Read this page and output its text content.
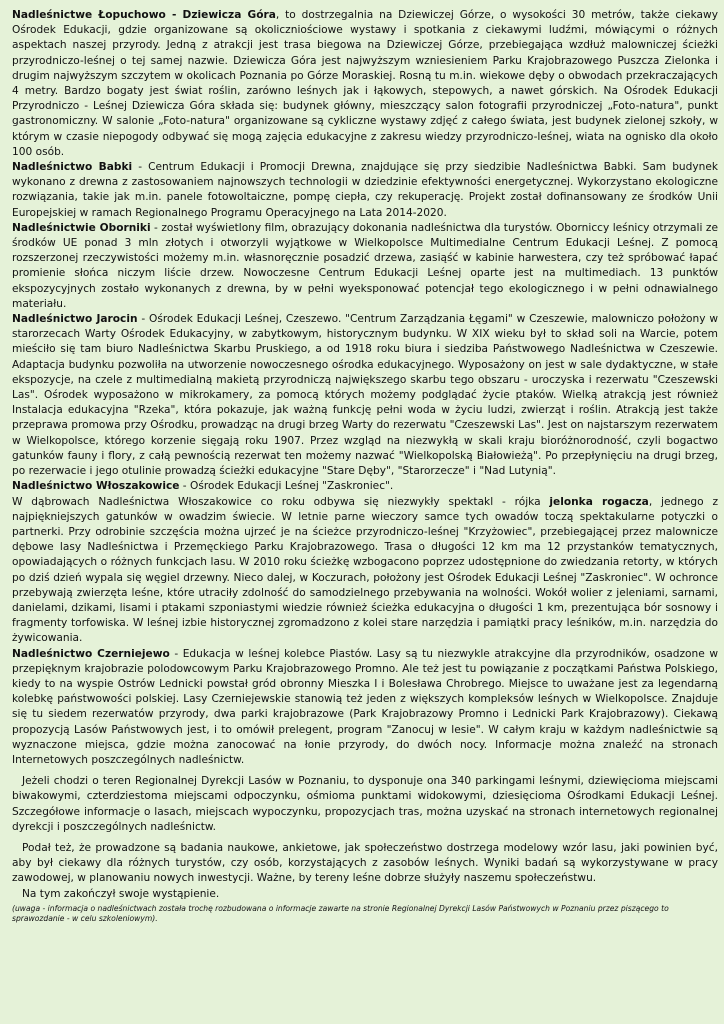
Nadleśnictwe Łopuchowo - Dziewicza Góra, to dostrzegalnia na Dziewiczej Górze, o wysokości 30 metrów, także ciekawy Ośrodek Edukacji, gdzie organizowane są okoliczniościowe wystawy i spotkania z ciekawymi ludźmi, mówiącymi o różnych aspektach naszej przyrody. Jedną z atrakcji jest trasa biegowa na Dziewiczej Górze, przebiegająca wzdłuż malowniczej ścieżki przyrodniczo-leśnej o tej samej nazwie. Dziewicza Góra jest najwyższym wzniesieniem Parku Krajobrazowego Puszcza Zielonka i drugim najwyższym szczytem w okolicach Poznania po Górze Moraskiej. Rosną tu m.in. wiekowe dęby o obwodach przekraczających 4 metry. Bardzo bogaty jest świat roślin, zarówno leśnych jak i łąkowych, stepowych, a nawet górskich. Na Ośrodek Edukacji Przyrodniczo - Leśnej Dziewicza Góra składa się: budynek główny, mieszczący salon fotografii przyrodniczej „Foto-natura", punkt gastronomiczny. W salonie „Foto-natura" organizowane są cykliczne wystawy zdjęć z całego świata, jest budynek zielonej szkoły, w którym w czasie niepogody odbywać się mogą zajęcia edukacyjne z zakresu wiedzy przyrodniczo-leśnej, wiata na ognisko dla około 100 osób.

Nadleśnictwo Babki - Centrum Edukacji i Promocji Drewna, znajdujące się przy siedzibie Nadleśnictwa Babki. Sam budynek wykonano z drewna z zastosowaniem najnowszych technologii w dziedzinie efektywności energetycznej. Wykorzystano ekologiczne rozwiązania, takie jak m.in. panele fotowoltaiczne, pompę ciepła, czy rekuperację. Projekt został dofinansowany ze środków Unii Europejskiej w ramach Regionalnego Programu Operacyjnego na Lata 2014-2020.

Nadleśnictwie Oborniki - został wyświetlony film, obrazujący dokonania nadleśnictwa dla turystów. Oborniccy leśnicy otrzymali ze środków UE ponad 3 mln złotych i otworzyli wyjątkowe w Wielkopolsce Multimedialne Centrum Edukacji Leśnej. Z pomocą rozszerzonej rzeczywistości możemy m.in. własnoręcznie posadzić drzewa, zasiąść w kabinie harwestera, czy też spróbować łapać promienie słońca niczym liście drzew. Nowoczesne Centrum Edukacji Leśnej oparte jest na multimediach. 13 punktów ekspozycyjnych zostało wykonanych z drewna, by w pełni wyeksponować potencjał tego ekologicznego i w pełni odnawialnego materiału.

Nadleśnictwo Jarocin - Ośrodek Edukacji Leśnej, Czeszewo. "Centrum Zarządzania Łęgami" w Czeszewie, malowniczo położony w starorzecach Warty Ośrodek Edukacyjny, w zabytkowym, historycznym budynku. W XIX wieku był to skład soli na Warcie, potem mieściło się tam biuro Nadleśnictwa Skarbu Pruskiego, a od 1918 roku biura i siedziba Państwowego Nadleśnictwa w Czeszewie. Adaptacja budynku pozwoliła na utworzenie nowoczesnego ośrodka edukacyjnego. Wyposażony on jest w sale dydaktyczne, w stałe ekspozycje, na czele z multimedialną makietą przyrodniczą największego skarbu tego obszaru - uroczyska i rezerwatu "Czeszewski Las". Ośrodek wyposażono w mikrokamery, za pomocą których możemy podglądać życie ptaków. Wielką atrakcją jest również Instalacja edukacyjna "Rzeka", która pokazuje, jak ważną funkcję pełni woda w życiu ludzi, zwierząt i roślin. Atrakcją jest także przeprawa promowa przy Ośrodku, prowadząc na drugi brzeg Warty do rezerwatu "Czeszewski Las". Jest on najstarszym rezerwatem w Wielkopolsce, którego korzenie sięgają roku 1907. Przez wzgląd na niezwykłą w skali kraju bioróżnorodność, czyli bogactwo gatunków fauny i flory, z całą pewnością rezerwat ten możemy nazwać "Wielkopolską Białowieżą". Po przepłynięciu na drugi brzeg, po rezerwacie i jego otulinie prowadzą ścieżki edukacyjne "Stare Dęby", "Starorzecze" i "Nad Lutynią".

Nadleśnictwo Włoszakowice - Ośrodek Edukacji Leśnej "Zaskroniec".

W dąbrowach Nadleśnictwa Włoszakowice co roku odbywa się niezwykły spektakl - rójka jelonka rogacza, jednego z najpiękniejszych gatunków w owadzim świecie. W letnie parne wieczory samce tych owadów toczą spektakularne potyczki o partnerki. Przy odrobinie szczęścia można ujrzeć je na ścieżce przyrodniczo-leśnej "Krzyżowiec", przebiegającej przez malownicze dębowe lasy Nadleśnictwa i Przemęckiego Parku Krajobrazowego. Trasa o długości 12 km ma 12 przystanków tematycznych, opowiadających o różnych funkcjach lasu. W 2010 roku ścieżkę wzbogacono poprzez udostępnione do zwiedzania retorty, w których po dziś dzień wypala się węgiel drzewny. Nieco dalej, w Koczurach, położony jest Ośrodek Edukacji Leśnej "Zaskroniec". W ochronce przebywają zwierzęta leśne, które utraciły zdolność do samodzielnego przebywania na wolności. Wokół wolier z jeleniami, sarnami, danielami, dzikami, lisami i ptakami szponiastymi wiedzie również ścieżka edukacyjna o długości 1 km, prezentująca bór sosnowy i fragmenty torfowiska. W leśnej izbie historycznej zgromadzono z kolei stare narzędzia i pamiątki pracy leśników, m.in. narzędzia do żywicowania.

Nadleśnictwo Czerniejewo - Edukacja w leśnej kolebce Piastów. Lasy są tu niezwykle atrakcyjne dla przyrodników, osadzone w przepięknym krajobrazie polodowcowym Parku Krajobrazowego Promno. Ale też jest tu powiązanie z początkami Państwa Polskiego, kiedy to na wyspie Ostrów Lednicki powstał gród obronny Mieszka I i Bolesława Chrobrego. Miejsce to uważane jest za legendarną kolebkę państwowości polskiej. Lasy Czerniejewskie stanowią też jeden z większych kompleksów leśnych w Wielkopolsce. Znajduje się tu siedem rezerwatów przyrody, dwa parki krajobrazowe (Park Krajobrazowy Promno i Lednicki Park Krajobrazowy). Ciekawą propozycją Lasów Państwowych jest, i to omówił prelegent, program "Zanocuj w lesie". W całym kraju w każdym nadleśnictwie są wyznaczone miejsca, gdzie można zanocować na łonie przyrody, do dwóch nocy. Informacje można znaleźć na stronach Internetowych poszczególnych nadleśnictw.

Jeżeli chodzi o teren Regionalnej Dyrekcji Lasów w Poznaniu, to dysponuje ona 340 parkingami leśnymi, dziewięcioma miejscami biwakowymi, czterdziestoma miejscami odpoczynku, ośmioma punktami widokowymi, dziesięcioma Ośrodkami Edukacji Leśnej. Szczegółowe informacje o lasach, miejscach wypoczynku, propozycjach tras, można uzyskać na stronach internetowych regionalnej dyrekcji i poszczególnych nadleśnictw.

Podał też, że prowadzone są badania naukowe, ankietowe, jak społeczeństwo dostrzega modelowy wzór lasu, jaki powinien być, aby był ciekawy dla różnych turystów, czy osób, korzystających z zasobów leśnych. Wyniki badań są wykorzystywane w pracy zawodowej, w planowaniu nowych inwestycji. Ważne, by tereny leśne dobrze służyły naszemu społeczeństwu.

Na tym zakończył swoje wystąpienie.

(uwaga - informacja o nadleśnictwach została trochę rozbudowana o informacje zawarte na stronie Regionalnej Dyrekcji Lasów Państwowych w Poznaniu przez piszącego to sprawozdanie - w celu szkoleniowym).
